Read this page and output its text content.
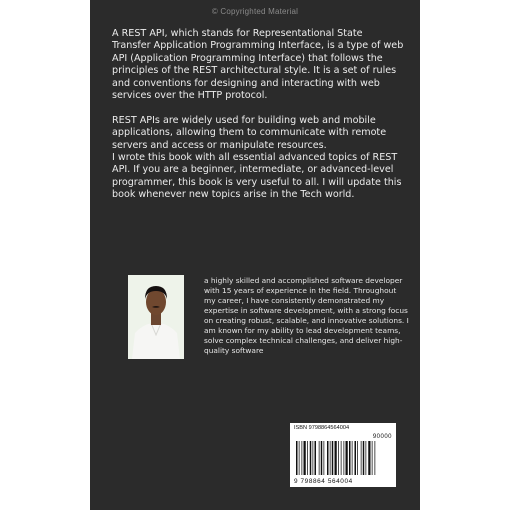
© Copyrighted Material

A REST API, which stands for Representational State Transfer Application Programming Interface, is a type of web API (Application Programming Interface) that follows the principles of the REST architectural style. It is a set of rules and conventions for designing and interacting with web services over the HTTP protocol.

REST APIs are widely used for building web and mobile applications, allowing them to communicate with remote servers and access or manipulate resources.

I wrote this book with all essential advanced topics of REST API. If you are a beginner, intermediate, or advanced-level programmer, this book is very useful to all. I will update this book whenever new topics arise in the Tech world.

a highly skilled and accomplished software developer with 15 years of experience in the field. Throughout my career, I have consistently demonstrated my expertise in software development, with a strong focus on creating robust, scalable, and innovative solutions. I am known for my ability to lead development teams, solve complex technical challenges, and deliver high-quality software
ISBN 9798864564004
90000
9 798864 564004
